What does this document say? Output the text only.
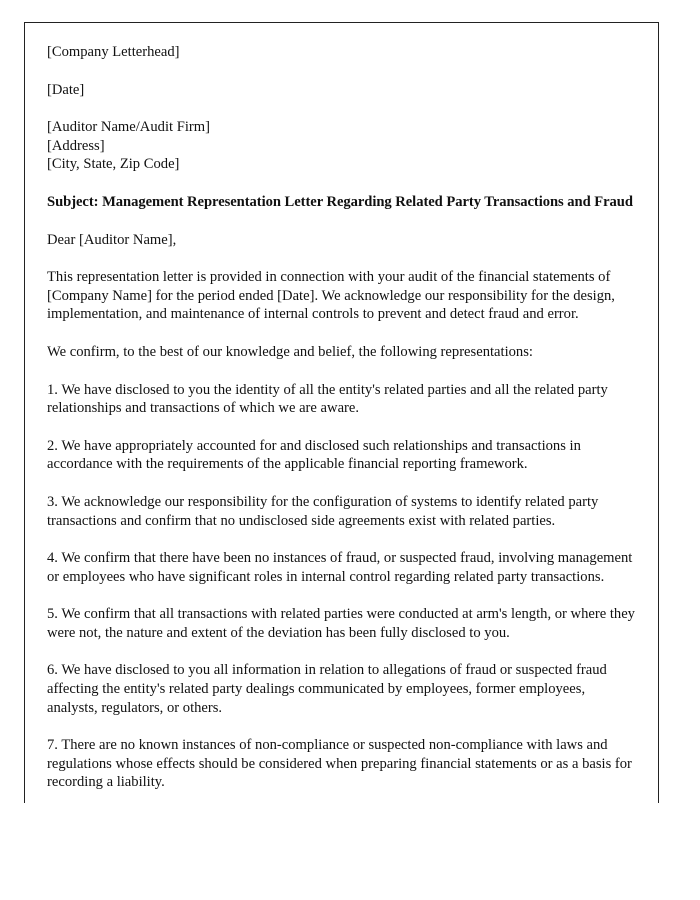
[Company Letterhead]

[Date]

[Auditor Name/Audit Firm]
[Address]
[City, State, Zip Code]

Subject: Management Representation Letter Regarding Related Party Transactions and Fraud

Dear [Auditor Name],

This representation letter is provided in connection with your audit of the financial statements of [Company Name] for the period ended [Date]. We acknowledge our responsibility for the design, implementation, and maintenance of internal controls to prevent and detect fraud and error.

We confirm, to the best of our knowledge and belief, the following representations:

1. We have disclosed to you the identity of all the entity's related parties and all the related party relationships and transactions of which we are aware.

2. We have appropriately accounted for and disclosed such relationships and transactions in accordance with the requirements of the applicable financial reporting framework.

3. We acknowledge our responsibility for the configuration of systems to identify related party transactions and confirm that no undisclosed side agreements exist with related parties.

4. We confirm that there have been no instances of fraud, or suspected fraud, involving management or employees who have significant roles in internal control regarding related party transactions.

5. We confirm that all transactions with related parties were conducted at arm's length, or where they were not, the nature and extent of the deviation has been fully disclosed to you.

6. We have disclosed to you all information in relation to allegations of fraud or suspected fraud affecting the entity's related party dealings communicated by employees, former employees, analysts, regulators, or others.

7. There are no known instances of non-compliance or suspected non-compliance with laws and regulations whose effects should be considered when preparing financial statements or as a basis for recording a liability.
